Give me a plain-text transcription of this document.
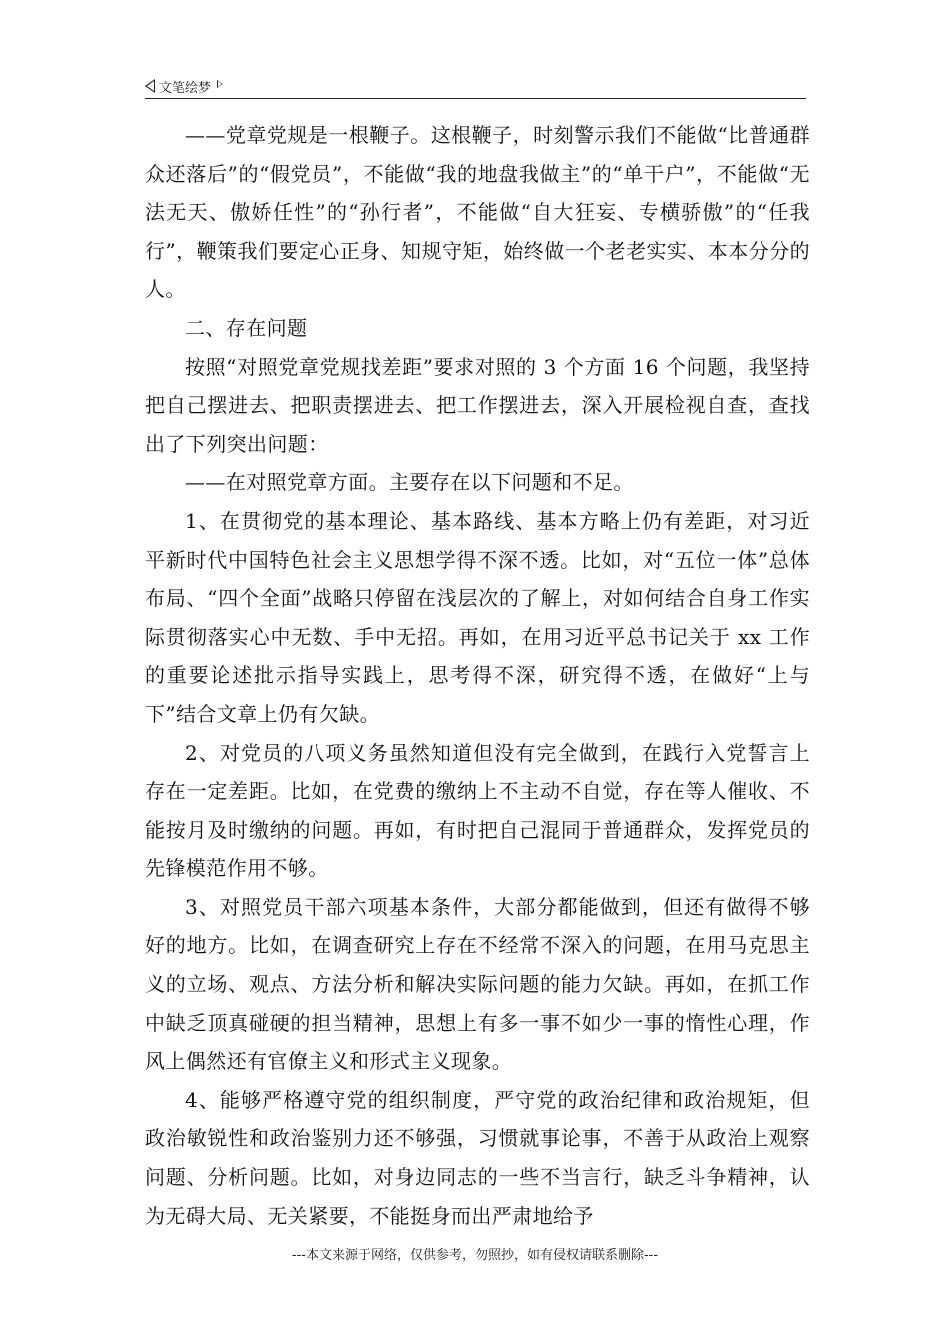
文笔绘梦

——党章党规是一根鞭子。这根鞭子，时刻警示我们不能做“比普通群众还落后”的“假党员”，不能做“我的地盘我做主”的“单干户”，不能做“无法无天、傲娇任性”的“孙行者”，不能做“自大狂妄、专横骄傲”的“任我行”，鞭策我们要定心正身、知规守矩，始终做一个老老实实、本本分分的人。

二、存在问题

按照“对照党章党规找差距”要求对照的 3 个方面 16 个问题，我坚持把自己摆进去、把职责摆进去、把工作摆进去，深入开展检视自查，查找出了下列突出问题：

——在对照党章方面。主要存在以下问题和不足。

1、在贯彻党的基本理论、基本路线、基本方略上仍有差距，对习近平新时代中国特色社会主义思想学得不深不透。比如，对“五位一体”总体布局、“四个全面”战略只停留在浅层次的了解上，对如何结合自身工作实际贯彻落实心中无数、手中无招。再如，在用习近平总书记关于 xx 工作的重要论述批示指导实践上，思考得不深，研究得不透，在做好“上与下”结合文章上仍有欠缺。

2、对党员的八项义务虽然知道但没有完全做到，在践行入党誓言上存在一定差距。比如，在党费的缴纳上不主动不自觉，存在等人催收、不能按月及时缴纳的问题。再如，有时把自己混同于普通群众，发挥党员的先锋模范作用不够。

3、对照党员干部六项基本条件，大部分都能做到，但还有做得不够好的地方。比如，在调查研究上存在不经常不深入的问题，在用马克思主义的立场、观点、方法分析和解决实际问题的能力欠缺。再如，在抓工作中缺乏顶真碰硬的担当精神，思想上有多一事不如少一事的惰性心理，作风上偶然还有官僚主义和形式主义现象。

4、能够严格遵守党的组织制度，严守党的政治纪律和政治规矩，但政治敏锐性和政治鉴别力还不够强，习惯就事论事，不善于从政治上观察问题、分析问题。比如，对身边同志的一些不当言行，缺乏斗争精神，认为无碍大局、无关紧要，不能挺身而出严肃地给予

---本文来源于网络，仅供参考，勿照抄，如有侵权请联系删除---
